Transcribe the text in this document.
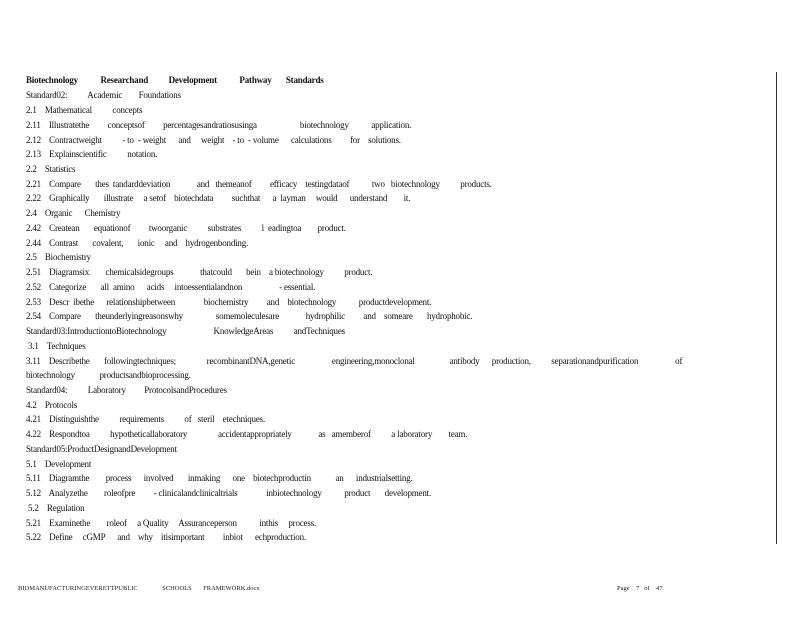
Biotechnology           Researchand          Development           Pathway       Standards
Standard02:          Academic        Foundations
2.1    Mathematical          concepts
2.11    Illustratethe         conceptsof         percentagesandratiosusinga                     biotechnology           application.
2.12    Contractweight          - to  - weight      and     weight    - to  - volume      calculations         for    solutions.
2.13    Explainscientific          notation.
2.2    Statistics
2.21    Compare       thes  tandarddeviation             and   themeanof         efficacy    testingdataof           two   biotechnology          products.
2.22    Graphically       illustrate     a setof    biotechdata         suchthat      a  layman     would      understand        it.
2.4    Organic      Chemistry
2.42    Createan       equationof         twoorganic          substrates          l  eadingtoa        product.
2.44    Contrast       covalent,       ionic     and    hydrogenbonding.
2.5    Biochemistry
2.51    Diagramsix        chemicalsidegroups             thatcould       bein    a biotechnology          product.
2.52    Categorize       all  amino      acids     intoessentialandnon                  - essential.
2.53    Descr  ibethe      relationshipbetween              biochemistry         and    biotechnology           productdevelopment.
2.54    Compare       theunderlyingreasonswhy                somemoleculesare             hydrophilic         and    someare       hydrophobic.
Standard03:IntroductiontoBiotechnology                       KnowledgeAreas          andTechniques
3.1    Techniques
3.11    Describethe       followingtechniques;               recombinantDNA,genetic                  engineering,monoclonal                 antibody      production,          separationandpurification                  of
biotechnology            productsandbioprocessing.
Standard04:          Laboratory         ProtocolsandProcedures
4.2    Protocols
4.21    Distinguishthe          requirements          of   steril    etechniques.
4.22    Respondtoa          hypotheticallaboratory               accidentappropriately             as   amemberof          a laboratory        team.
Standard05:ProductDesignandDevelopment
5.1    Development
5.11    Diagramthe        process      involved       inmaking      one    biotechproductin            an      industrialsetting.
5.12    Analyzethe        roleofpre         - clinicalandclinicaltrials              inbiotechnology           product       development.
5.2    Regulation
5.21    Examinethe        roleof     a Quality     Assuranceperson           inthis     process.
5.22    Define     cGMP      and    why    itisimportant         inbiot      echproduction.
BIOMANUFACTURINGEVERETTPUBLIC               SCHOOLS       FRAMEWORK.docx	Page    7   of    47
